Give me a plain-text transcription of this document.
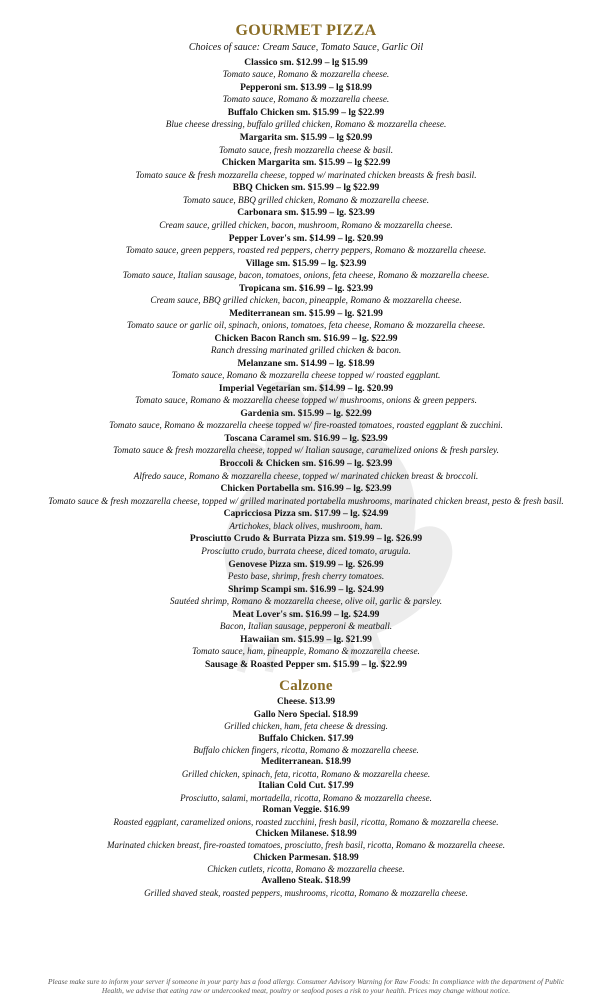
GOURMET PIZZA
Choices of sauce: Cream Sauce, Tomato Sauce, Garlic Oil
Classico sm. $12.99 – lg $15.99
Tomato sauce, Romano & mozzarella cheese.
Pepperoni sm. $13.99 – lg $18.99
Tomato sauce, Romano & mozzarella cheese.
Buffalo Chicken sm. $15.99 – lg $22.99
Blue cheese dressing, buffalo grilled chicken, Romano & mozzarella cheese.
Margarita sm. $15.99 – lg $20.99
Tomato sauce, fresh mozzarella cheese & basil.
Chicken Margarita sm. $15.99 – lg $22.99
Tomato sauce & fresh mozzarella cheese, topped w/ marinated chicken breasts & fresh basil.
BBQ Chicken sm. $15.99 – lg $22.99
Tomato sauce, BBQ grilled chicken, Romano & mozzarella cheese.
Carbonara sm. $15.99 – lg. $23.99
Cream sauce, grilled chicken, bacon, mushroom, Romano & mozzarella cheese.
Pepper Lover's sm. $14.99 – lg. $20.99
Tomato sauce, green peppers, roasted red peppers, cherry peppers, Romano & mozzarella cheese.
Village sm. $15.99 – lg. $23.99
Tomato sauce, Italian sausage, bacon, tomatoes, onions, feta cheese, Romano & mozzarella cheese.
Tropicana sm. $16.99 – lg. $23.99
Cream sauce, BBQ grilled chicken, bacon, pineapple, Romano & mozzarella cheese.
Mediterranean sm. $15.99 – lg. $21.99
Tomato sauce or garlic oil, spinach, onions, tomatoes, feta cheese, Romano & mozzarella cheese.
Chicken Bacon Ranch sm. $16.99 – lg. $22.99
Ranch dressing marinated grilled chicken & bacon.
Melanzane sm. $14.99 – lg. $18.99
Tomato sauce, Romano & mozzarella cheese topped w/ roasted eggplant.
Imperial Vegetarian sm. $14.99 – lg. $20.99
Tomato sauce, Romano & mozzarella cheese topped w/ mushrooms, onions & green peppers.
Gardenia sm. $15.99 – lg. $22.99
Tomato sauce, Romano & mozzarella cheese topped w/ fire-roasted tomatoes, roasted eggplant & zucchini.
Toscana Caramel sm. $16.99 – lg. $23.99
Tomato sauce & fresh mozzarella cheese, topped w/ Italian sausage, caramelized onions & fresh parsley.
Broccoli & Chicken sm. $16.99 – lg. $23.99
Alfredo sauce, Romano & mozzarella cheese, topped w/ marinated chicken breast & broccoli.
Chicken Portabella sm. $16.99 – lg. $23.99
Tomato sauce & fresh mozzarella cheese, topped w/ grilled marinated portabella mushrooms, marinated chicken breast, pesto & fresh basil.
Capricciosa Pizza sm. $17.99 – lg. $24.99
Artichokes, black olives, mushroom, ham.
Prosciutto Crudo & Burrata Pizza sm. $19.99 – lg. $26.99
Prosciutto crudo, burrata cheese, diced tomato, arugula.
Genovese Pizza sm. $19.99 – lg. $26.99
Pesto base, shrimp, fresh cherry tomatoes.
Shrimp Scampi sm. $16.99 – lg. $24.99
Sautéed shrimp, Romano & mozzarella cheese, olive oil, garlic & parsley.
Meat Lover's sm. $16.99 – lg. $24.99
Bacon, Italian sausage, pepperoni & meatball.
Hawaiian sm. $15.99 – lg. $21.99
Tomato sauce, ham, pineapple, Romano & mozzarella cheese.
Sausage & Roasted Pepper sm. $15.99 – lg. $22.99
Calzone
Cheese. $13.99
Gallo Nero Special. $18.99
Grilled chicken, ham, feta cheese & dressing.
Buffalo Chicken. $17.99
Buffalo chicken fingers, ricotta, Romano & mozzarella cheese.
Mediterranean. $18.99
Grilled chicken, spinach, feta, ricotta, Romano & mozzarella cheese.
Italian Cold Cut. $17.99
Prosciutto, salami, mortadella, ricotta, Romano & mozzarella cheese.
Roman Veggie. $16.99
Roasted eggplant, caramelized onions, roasted zucchini, fresh basil, ricotta, Romano & mozzarella cheese.
Chicken Milanese. $18.99
Marinated chicken breast, fire-roasted tomatoes, prosciutto, fresh basil, ricotta, Romano & mozzarella cheese.
Chicken Parmesan. $18.99
Chicken cutlets, ricotta, Romano & mozzarella cheese.
Avalleno Steak. $18.99
Grilled shaved steak, roasted peppers, mushrooms, ricotta, Romano & mozzarella cheese.
Please make sure to inform your server if someone in your party has a food allergy. Consumer Advisory Warning for Raw Foods: In compliance with the department of Public Health, we advise that eating raw or undercooked meat, poultry or seafood poses a risk to your health. Prices may change without notice.
